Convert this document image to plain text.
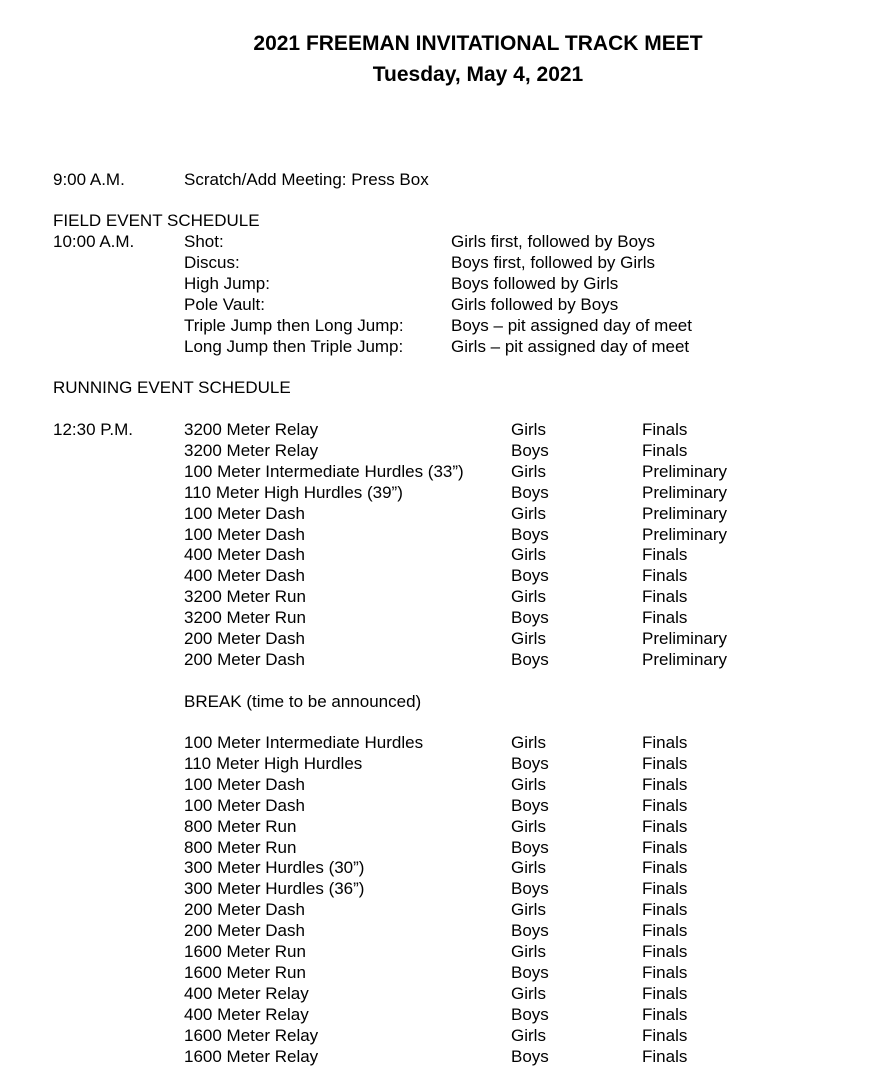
2021 FREEMAN INVITATIONAL TRACK MEET
Tuesday, May 4, 2021
9:00 A.M.	Scratch/Add Meeting: Press Box
FIELD EVENT SCHEDULE
10:00 A.M.	Shot:	Girls first, followed by Boys
Discus:	Boys first, followed by Girls
High Jump:	Boys followed by Girls
Pole Vault:	Girls followed by Boys
Triple Jump then Long Jump:	Boys – pit assigned day of meet
Long Jump then Triple Jump:	Girls – pit assigned day of meet
RUNNING EVENT SCHEDULE
12:30 P.M.	3200 Meter Relay	Girls	Finals
3200 Meter Relay	Boys	Finals
100 Meter Intermediate Hurdles (33”)	Girls	Preliminary
110 Meter High Hurdles (39”)	Boys	Preliminary
100 Meter Dash	Girls	Preliminary
100 Meter Dash	Boys	Preliminary
400 Meter Dash	Girls	Finals
400 Meter Dash	Boys	Finals
3200 Meter Run	Girls	Finals
3200 Meter Run	Boys	Finals
200 Meter Dash	Girls	Preliminary
200 Meter Dash	Boys	Preliminary
BREAK (time to be announced)
100 Meter Intermediate Hurdles	Girls	Finals
110 Meter High Hurdles	Boys	Finals
100 Meter Dash	Girls	Finals
100 Meter Dash	Boys	Finals
800 Meter Run	Girls	Finals
800 Meter Run	Boys	Finals
300 Meter Hurdles (30”)	Girls	Finals
300 Meter Hurdles (36”)	Boys	Finals
200 Meter Dash	Girls	Finals
200 Meter Dash	Boys	Finals
1600 Meter Run	Girls	Finals
1600 Meter Run	Boys	Finals
400 Meter Relay	Girls	Finals
400 Meter Relay	Boys	Finals
1600 Meter Relay	Girls	Finals
1600 Meter Relay	Boys	Finals
